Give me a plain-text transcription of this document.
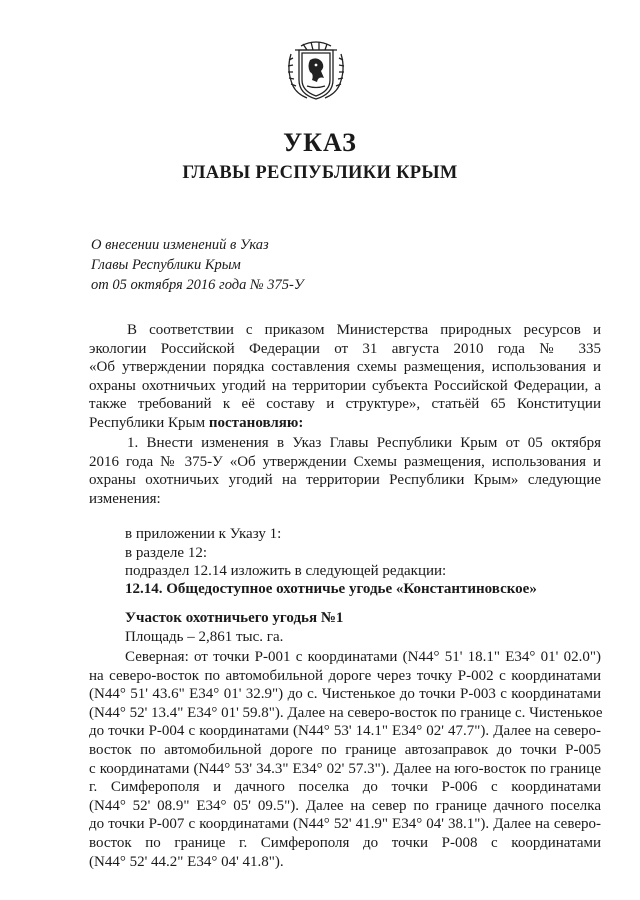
УКАЗ
ГЛАВЫ РЕСПУБЛИКИ КРЫМ
О внесении изменений в Указ
Главы Республики Крым
от 05 октября 2016 года № 375-У
В соответствии с приказом Министерства природных ресурсов и
экологии Российской Федерации от 31 августа 2010 года № 335
«Об утверждении порядка составления схемы размещения, использования и
охраны охотничьих угодий на территории субъекта Российской Федерации, а
также требований к её составу и структуре», статьёй 65 Конституции
Республики Крым постановляю:
1. Внести изменения в Указ Главы Республики Крым от 05 октября
2016 года № 375-У «Об утверждении Схемы размещения, использования и
охраны охотничьих угодий на территории Республики Крым» следующие
изменения:
в приложении к Указу 1:
в разделе 12:
подраздел 12.14 изложить в следующей редакции:
12.14. Общедоступное охотничье угодье «Константиновское»
Участок охотничьего угодья №1
Площадь – 2,861 тыс. га.
Северная: от точки Р-001 с координатами (N44° 51' 18.1" E34° 01' 02.0")
на северо-восток по автомобильной дороге через точку Р-002 с координатами
(N44° 51' 43.6" E34° 01' 32.9") до с. Чистенькое до точки Р-003 с координатами
(N44° 52' 13.4" E34° 01' 59.8"). Далее на северо-восток по границе с. Чистенькое
до точки Р-004 с координатами (N44° 53' 14.1" E34° 02' 47.7"). Далее на северо-
восток по автомобильной дороге по границе автозаправок до точки Р-005
с координатами (N44° 53' 34.3" E34° 02' 57.3"). Далее на юго-восток по границе
г. Симферополя и дачного поселка до точки Р-006 с координатами
(N44° 52' 08.9" E34° 05' 09.5"). Далее на север по границе дачного поселка
до точки Р-007 с координатами (N44° 52' 41.9" E34° 04' 38.1"). Далее на северо-
восток по границе г. Симферополя до точки Р-008 с координатами
(N44° 52' 44.2" E34° 04' 41.8").
